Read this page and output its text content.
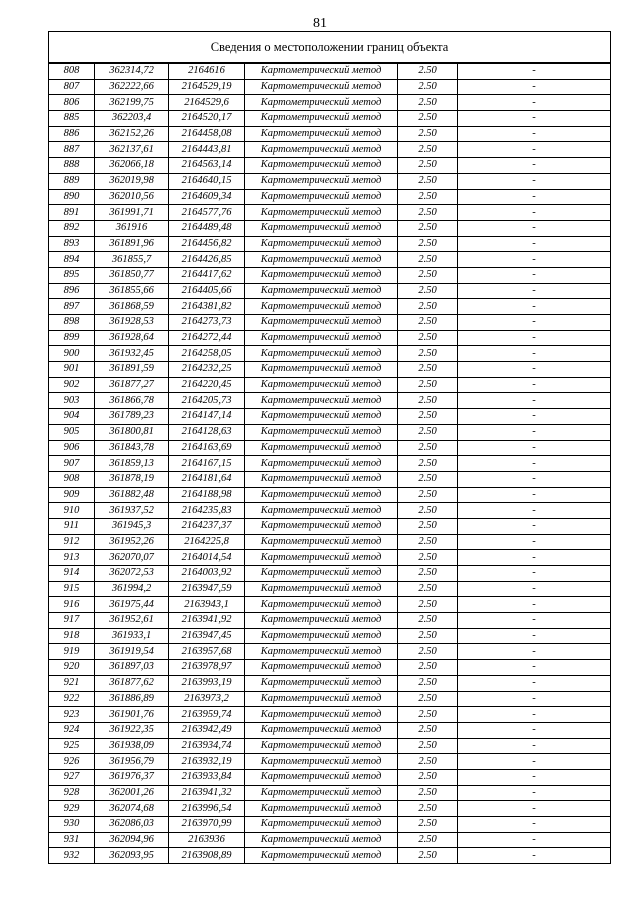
81
Сведения о местоположении границ объекта					
808	362314,72	2164616	Картометрический метод	2.50	-
807	362222,66	2164529,19	Картометрический метод	2.50	-
806	362199,75	2164529,6	Картометрический метод	2.50	-
885	362203,4	2164520,17	Картометрический метод	2.50	-
886	362152,26	2164458,08	Картометрический метод	2.50	-
887	362137,61	2164443,81	Картометрический метод	2.50	-
888	362066,18	2164563,14	Картометрический метод	2.50	-
889	362019,98	2164640,15	Картометрический метод	2.50	-
890	362010,56	2164609,34	Картометрический метод	2.50	-
891	361991,71	2164577,76	Картометрический метод	2.50	-
892	361916	2164489,48	Картометрический метод	2.50	-
893	361891,96	2164456,82	Картометрический метод	2.50	-
894	361855,7	2164426,85	Картометрический метод	2.50	-
895	361850,77	2164417,62	Картометрический метод	2.50	-
896	361855,66	2164405,66	Картометрический метод	2.50	-
897	361868,59	2164381,82	Картометрический метод	2.50	-
898	361928,53	2164273,73	Картометрический метод	2.50	-
899	361928,64	2164272,44	Картометрический метод	2.50	-
900	361932,45	2164258,05	Картометрический метод	2.50	-
901	361891,59	2164232,25	Картометрический метод	2.50	-
902	361877,27	2164220,45	Картометрический метод	2.50	-
903	361866,78	2164205,73	Картометрический метод	2.50	-
904	361789,23	2164147,14	Картометрический метод	2.50	-
905	361800,81	2164128,63	Картометрический метод	2.50	-
906	361843,78	2164163,69	Картометрический метод	2.50	-
907	361859,13	2164167,15	Картометрический метод	2.50	-
908	361878,19	2164181,64	Картометрический метод	2.50	-
909	361882,48	2164188,98	Картометрический метод	2.50	-
910	361937,52	2164235,83	Картометрический метод	2.50	-
911	361945,3	2164237,37	Картометрический метод	2.50	-
912	361952,26	2164225,8	Картометрический метод	2.50	-
913	362070,07	2164014,54	Картометрический метод	2.50	-
914	362072,53	2164003,92	Картометрический метод	2.50	-
915	361994,2	2163947,59	Картометрический метод	2.50	-
916	361975,44	2163943,1	Картометрический метод	2.50	-
917	361952,61	2163941,92	Картометрический метод	2.50	-
918	361933,1	2163947,45	Картометрический метод	2.50	-
919	361919,54	2163957,68	Картометрический метод	2.50	-
920	361897,03	2163978,97	Картометрический метод	2.50	-
921	361877,62	2163993,19	Картометрический метод	2.50	-
922	361886,89	2163973,2	Картометрический метод	2.50	-
923	361901,76	2163959,74	Картометрический метод	2.50	-
924	361922,35	2163942,49	Картометрический метод	2.50	-
925	361938,09	2163934,74	Картометрический метод	2.50	-
926	361956,79	2163932,19	Картометрический метод	2.50	-
927	361976,37	2163933,84	Картометрический метод	2.50	-
928	362001,26	2163941,32	Картометрический метод	2.50	-
929	362074,68	2163996,54	Картометрический метод	2.50	-
930	362086,03	2163970,99	Картометрический метод	2.50	-
931	362094,96	2163936	Картометрический метод	2.50	-
932	362093,95	2163908,89	Картометрический метод	2.50	-
